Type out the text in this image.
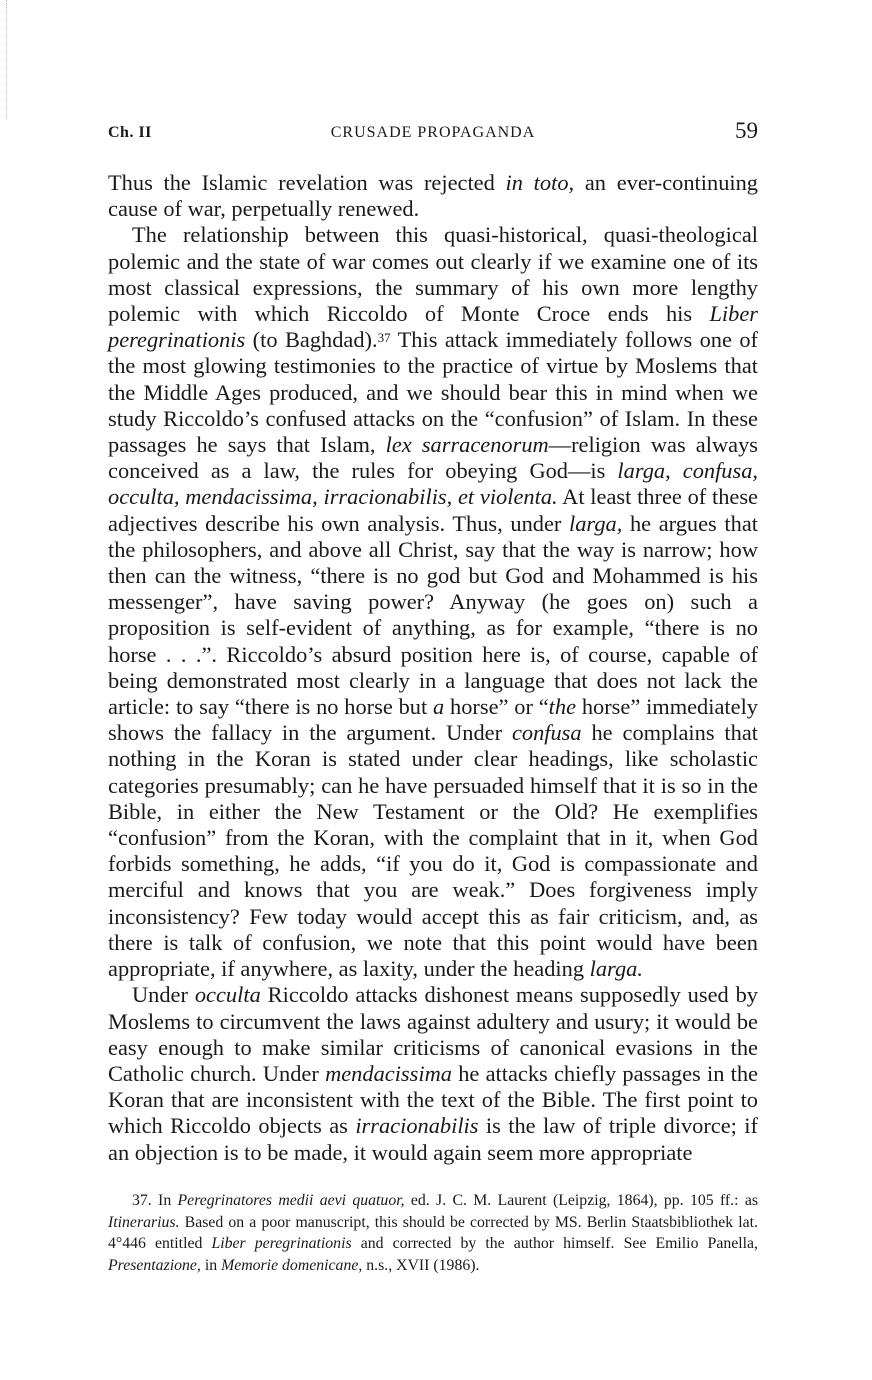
Ch. II	CRUSADE PROPAGANDA	59

Thus the Islamic revelation was rejected in toto, an ever-continuing cause of war, perpetually renewed.

The relationship between this quasi-historical, quasi-theological polemic and the state of war comes out clearly if we examine one of its most classical expressions, the summary of his own more lengthy polemic with which Riccoldo of Monte Croce ends his Liber peregrinationis (to Baghdad).$^{37}$ This attack immediately follows one of the most glowing testimonies to the practice of virtue by Moslems that the Middle Ages produced, and we should bear this in mind when we study Riccoldo’s confused attacks on the “confusion” of Islam. In these passages he says that Islam, lex sarracenorum—religion was always conceived as a law, the rules for obeying God—is larga, confusa, occulta, mendacissima, irracionabilis, et violenta. At least three of these adjectives describe his own analysis. Thus, under larga, he argues that the philosophers, and above all Christ, say that the way is narrow; how then can the witness, “there is no god but God and Mohammed is his messenger”, have saving power? Anyway (he goes on) such a proposition is self-evident of anything, as for example, “there is no horse . . .”. Riccoldo’s absurd position here is, of course, capable of being demonstrated most clearly in a language that does not lack the article: to say “there is no horse but a horse” or “the horse” immediately shows the fallacy in the argument. Under confusa he complains that nothing in the Koran is stated under clear headings, like scholastic categories presumably; can he have persuaded himself that it is so in the Bible, in either the New Testament or the Old? He exemplifies “confusion” from the Koran, with the complaint that in it, when God forbids something, he adds, “if you do it, God is compassionate and merciful and knows that you are weak.” Does forgiveness imply inconsistency? Few today would accept this as fair criticism, and, as there is talk of confusion, we note that this point would have been appropriate, if anywhere, as laxity, under the heading larga.

Under occulta Riccoldo attacks dishonest means supposedly used by Moslems to circumvent the laws against adultery and usury; it would be easy enough to make similar criticisms of canonical evasions in the Catholic church. Under mendacissima he attacks chiefly passages in the Koran that are inconsistent with the text of the Bible. The first point to which Riccoldo objects as irracionabilis is the law of triple divorce; if an objection is to be made, it would again seem more appropriate

37. In Peregrinatores medii aevi quatuor, ed. J. C. M. Laurent (Leipzig, 1864), pp. 105 ff.: as Itinerarius. Based on a poor manuscript, this should be corrected by MS. Berlin Staatsbibliothek lat. 4°446 entitled Liber peregrinationis and corrected by the author himself. See Emilio Panella, Presentazione, in Memorie domenicane, n.s., XVII (1986).
